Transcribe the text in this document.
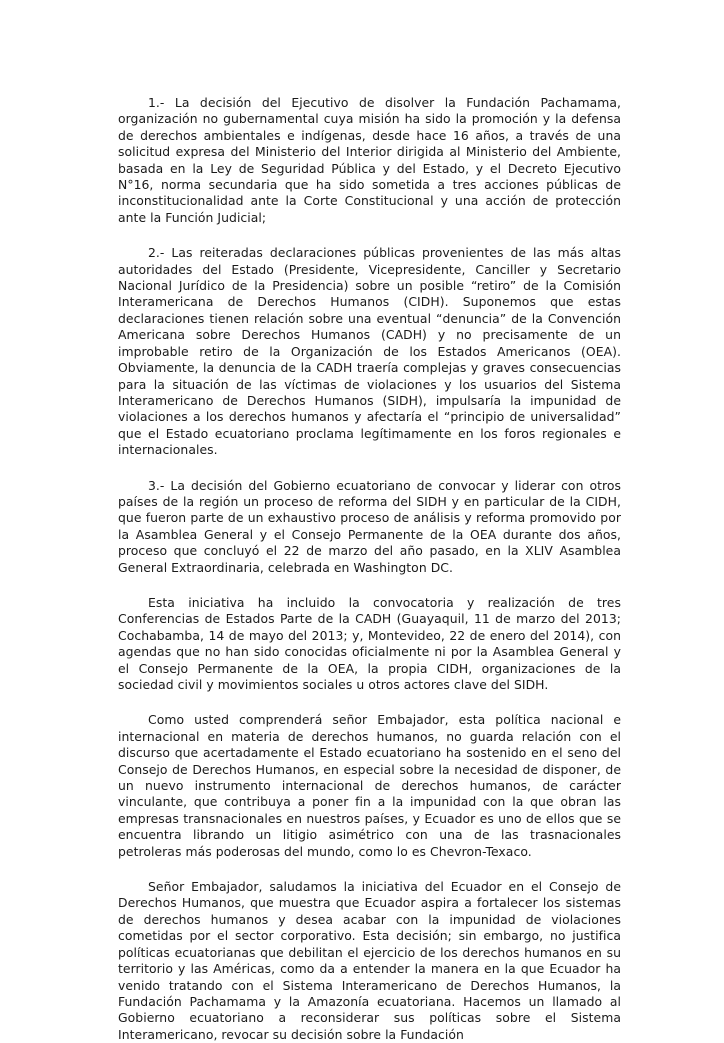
1.- La decisión del Ejecutivo de disolver la Fundación Pachamama, organización no gubernamental cuya misión ha sido la promoción y la defensa de derechos ambientales e indígenas, desde hace 16 años, a través de una solicitud expresa del Ministerio del Interior dirigida al Ministerio del Ambiente, basada en la Ley de Seguridad Pública y del Estado, y el Decreto Ejecutivo N°16, norma secundaria que ha sido sometida a tres acciones públicas de inconstitucionalidad ante la Corte Constitucional y una acción de protección ante la Función Judicial;

2.- Las reiteradas declaraciones públicas provenientes de las más altas autoridades del Estado (Presidente, Vicepresidente, Canciller y Secretario Nacional Jurídico de la Presidencia) sobre un posible “retiro” de la Comisión Interamericana de Derechos Humanos (CIDH). Suponemos que estas declaraciones tienen relación sobre una eventual “denuncia” de la Convención Americana sobre Derechos Humanos (CADH) y no precisamente de un improbable retiro de la Organización de los Estados Americanos (OEA). Obviamente, la denuncia de la CADH traería complejas y graves consecuencias para la situación de las víctimas de violaciones y los usuarios del Sistema Interamericano de Derechos Humanos (SIDH), impulsaría la impunidad de violaciones a los derechos humanos y afectaría el “principio de universalidad” que el Estado ecuatoriano proclama legítimamente en los foros regionales e internacionales.

3.- La decisión del Gobierno ecuatoriano de convocar y liderar con otros países de la región un proceso de reforma del SIDH y en particular de la CIDH, que fueron parte de un exhaustivo proceso de análisis y reforma promovido por la Asamblea General y el Consejo Permanente de la OEA durante dos años, proceso que concluyó el 22 de marzo del año pasado, en la XLIV Asamblea General Extraordinaria, celebrada en Washington DC.

Esta iniciativa ha incluido la convocatoria y realización de tres Conferencias de Estados Parte de la CADH (Guayaquil, 11 de marzo del 2013; Cochabamba, 14 de mayo del 2013; y, Montevideo, 22 de enero del 2014), con agendas que no han sido conocidas oficialmente ni por la Asamblea General y el Consejo Permanente de la OEA, la propia CIDH, organizaciones de la sociedad civil y movimientos sociales u otros actores clave del SIDH.

Como usted comprenderá señor Embajador, esta política nacional e internacional en materia de derechos humanos, no guarda relación con el discurso que acertadamente el Estado ecuatoriano ha sostenido en el seno del Consejo de Derechos Humanos, en especial sobre la necesidad de disponer, de un nuevo instrumento internacional de derechos humanos, de carácter vinculante, que contribuya a poner fin a la impunidad con la que obran las empresas transnacionales en nuestros países, y Ecuador es uno de ellos que se encuentra librando un litigio asimétrico con una de las trasnacionales petroleras más poderosas del mundo, como lo es Chevron-Texaco.

Señor Embajador, saludamos la iniciativa del Ecuador en el Consejo de Derechos Humanos, que muestra que Ecuador aspira a fortalecer los sistemas de derechos humanos y desea acabar con la impunidad de violaciones cometidas por el sector corporativo. Esta decisión; sin embargo, no justifica políticas ecuatorianas que debilitan el ejercicio de los derechos humanos en su territorio y las Américas, como da a entender la manera en la que Ecuador ha venido tratando con el Sistema Interamericano de Derechos Humanos, la Fundación Pachamama y la Amazonía ecuatoriana. Hacemos un llamado al Gobierno ecuatoriano a reconsiderar sus políticas sobre el Sistema Interamericano, revocar su decisión sobre la Fundación
